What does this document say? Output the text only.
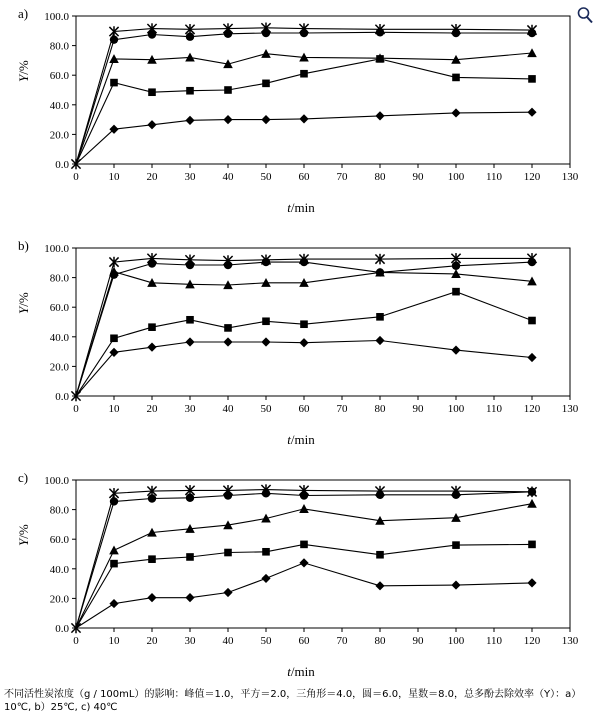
a)
Y/%
0	10 20 30 40 50 60 70 80 90 100 110 120 130
0.0
20.0
40.0
60.0
80.0
100.0
t/min
b)
Y/%
0	10 20 30 40 50 60 70 80 90 100 110 120 130
0.0
20.0
40.0
60.0
80.0
100.0
t/min
c)
Y/%
0	10 20 30 40 50 60 70 80 90 100 110 120 130
0.0
20.0
40.0
60.0
80.0
100.0
t/min
不同活性炭浓度（g / 100mL）的影响：峰值＝1.0，平方＝2.0，三角形＝4.0，圆＝6.0，星数＝8.0，总多酚去除效率（Y）：a）10℃, b）25℃, c) 40℃
